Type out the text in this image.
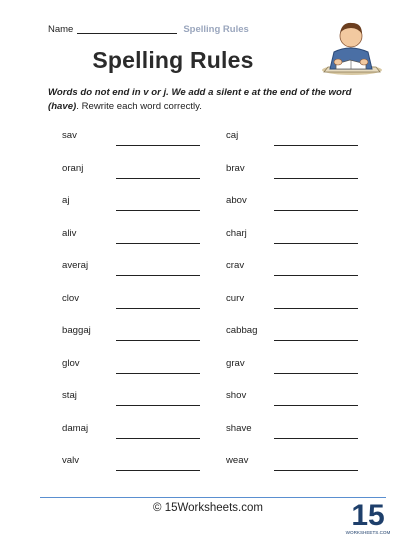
Name	Spelling Rules
Spelling Rules
Words do not end in v or j. We add a silent e at the end of the word (have). Rewrite each word correctly.
sav	caj
oranj	brav
aj	abov
aliv	charj
averaj	crav
clov	curv
baggaj	cabbag
glov	grav
staj	shov
damaj	shave
valv	weav
© 15Worksheets.com	15
WORKSHEETS.COM
